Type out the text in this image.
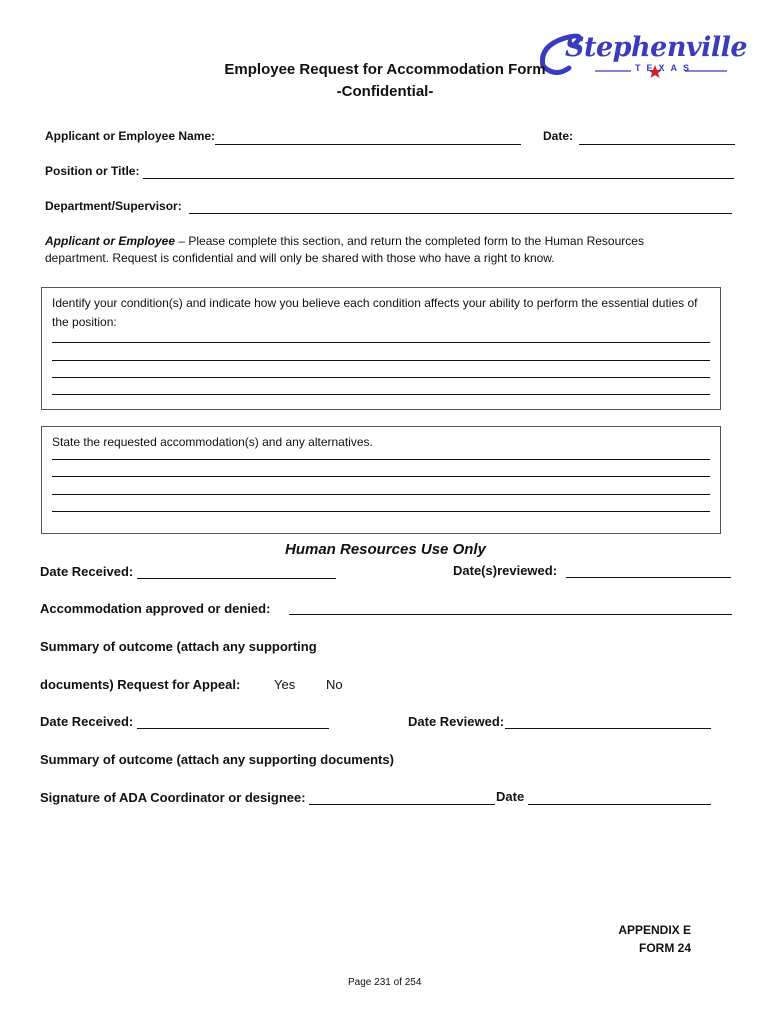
Stephenville
TEXAS
Employee Request for Accommodation Form
-Confidential-
Applicant or Employee Name:	Date:
Position or Title:
Department/Supervisor:
Applicant or Employee – Please complete this section, and return the completed form to the Human Resources department. Request is confidential and will only be shared with those who have a right to know.
Identify your condition(s) and indicate how you believe each condition affects your ability to perform the essential duties of the position:
State the requested accommodation(s) and any alternatives.
Human Resources Use Only
Date Received:	Date(s)reviewed:
Accommodation approved or denied:
Summary of outcome (attach any supporting
documents) Request for Appeal:	Yes No
Date Received:	Date Reviewed:
Summary of outcome (attach any supporting documents)
Signature of ADA Coordinator or designee:	Date
APPENDIX E
FORM 24
Page 231 of 254
